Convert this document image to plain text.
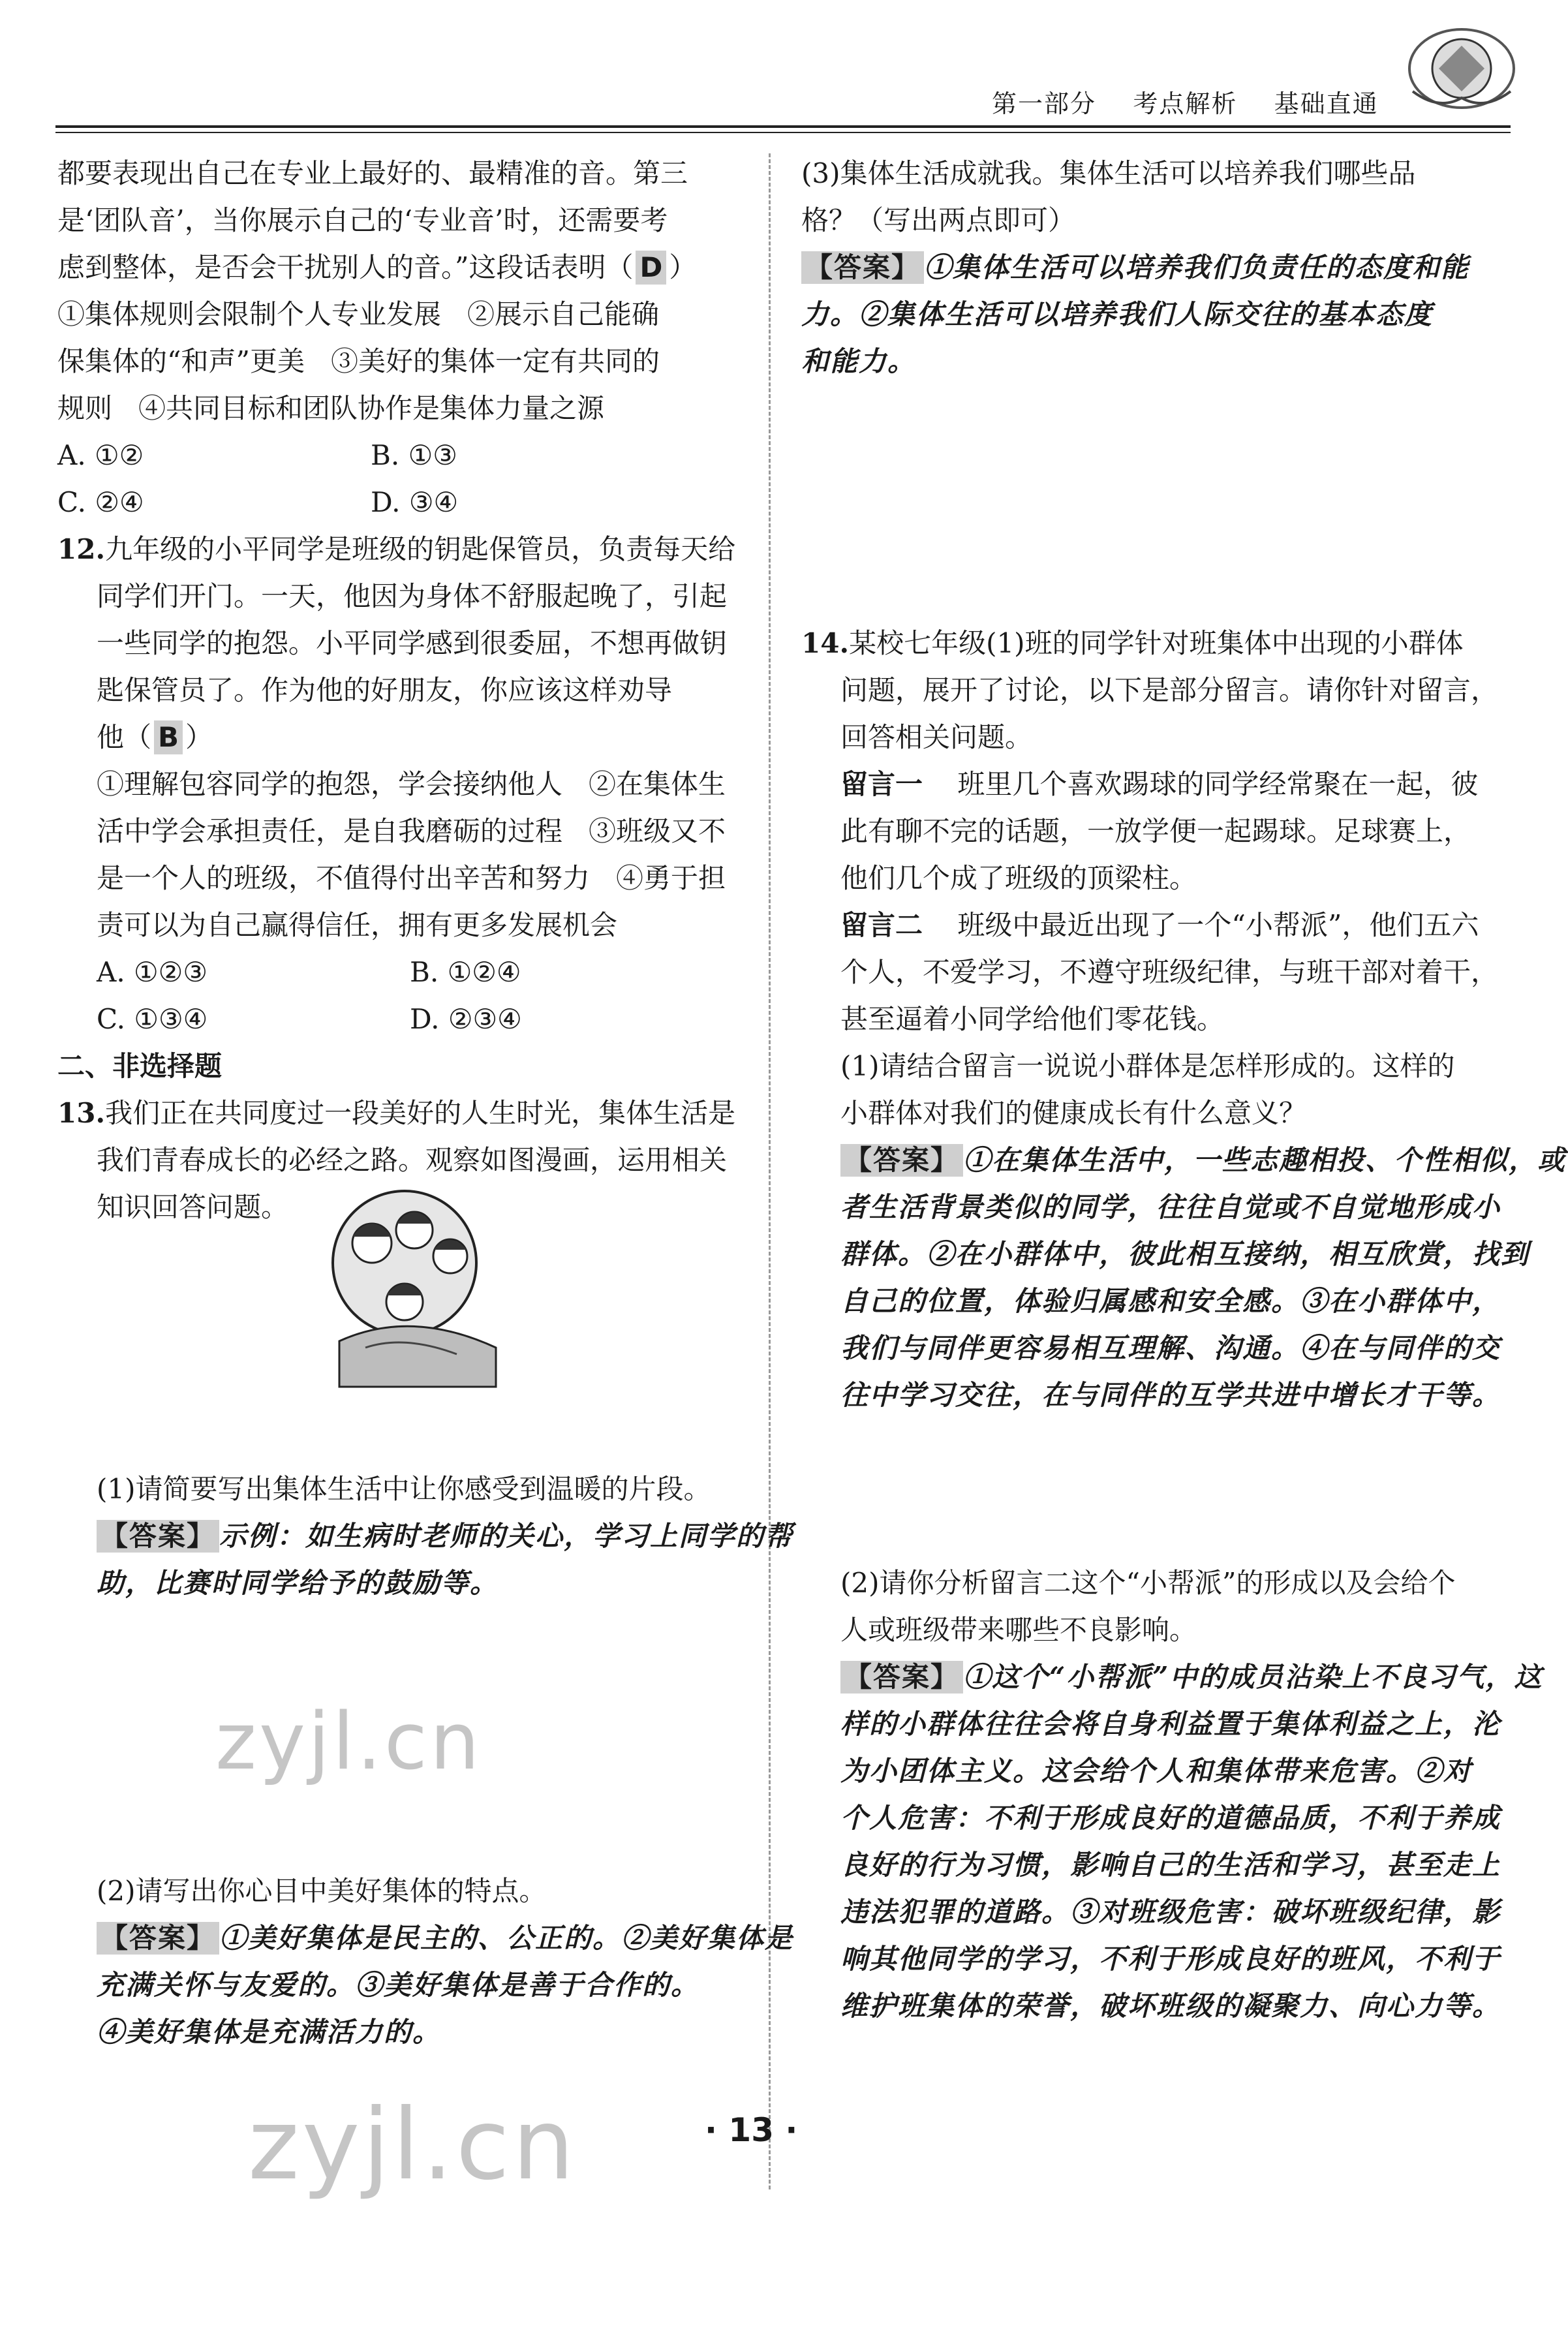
第一部分    考点解析    基础直通
都要表现出自己在专业上最好的、最精准的音。第三
是‘团队音’，当你展示自己的‘专业音’时，还需要考
虑到整体，是否会干扰别人的音。”这段话表明（ D ）
①集体规则会限制个人专业发展   ②展示自己能确
保集体的“和声”更美   ③美好的集体一定有共同的
规则   ④共同目标和团队协作是集体力量之源
A. ①②	B. ①③
C. ②④	D. ③④
12.九年级的小平同学是班级的钥匙保管员，负责每天给
同学们开门。一天，他因为身体不舒服起晚了，引起
一些同学的抱怨。小平同学感到很委屈，不想再做钥
匙保管员了。作为他的好朋友，你应该这样劝导
他（ B ）
①理解包容同学的抱怨，学会接纳他人   ②在集体生
活中学会承担责任，是自我磨砺的过程   ③班级又不
是一个人的班级，不值得付出辛苦和努力   ④勇于担
责可以为自己赢得信任，拥有更多发展机会
A. ①②③	B. ①②④
C. ①③④	D. ②③④
二、非选择题
13.我们正在共同度过一段美好的人生时光，集体生活是
我们青春成长的必经之路。观察如图漫画，运用相关
知识回答问题。
(1)请简要写出集体生活中让你感受到温暖的片段。
【答案】 示例：如生病时老师的关心，学习上同学的帮
助，比赛时同学给予的鼓励等。
(2)请写出你心目中美好集体的特点。
【答案】 ①美好集体是民主的、公正的。②美好集体是
充满关怀与友爱的。③美好集体是善于合作的。
④美好集体是充满活力的。
(3)集体生活成就我。集体生活可以培养我们哪些品
格？（写出两点即可）
【答案】 ①集体生活可以培养我们负责任的态度和能
力。②集体生活可以培养我们人际交往的基本态度
和能力。
14.某校七年级(1)班的同学针对班集体中出现的小群体
问题，展开了讨论，以下是部分留言。请你针对留言，
回答相关问题。
留言一 班里几个喜欢踢球的同学经常聚在一起，彼
此有聊不完的话题，一放学便一起踢球。足球赛上，
他们几个成了班级的顶梁柱。
留言二 班级中最近出现了一个“小帮派”，他们五六
个人，不爱学习，不遵守班级纪律，与班干部对着干，
甚至逼着小同学给他们零花钱。
(1)请结合留言一说说小群体是怎样形成的。这样的
小群体对我们的健康成长有什么意义？
【答案】 ①在集体生活中，一些志趣相投、个性相似，或
者生活背景类似的同学，往往自觉或不自觉地形成小
群体。②在小群体中，彼此相互接纳，相互欣赏，找到
自己的位置，体验归属感和安全感。③在小群体中，
我们与同伴更容易相互理解、沟通。④在与同伴的交
往中学习交往，在与同伴的互学共进中增长才干等。
(2)请你分析留言二这个“小帮派”的形成以及会给个
人或班级带来哪些不良影响。
【答案】 ①这个“小帮派”中的成员沾染上不良习气，这
样的小群体往往会将自身利益置于集体利益之上，沦
为小团体主义。这会给个人和集体带来危害。②对
个人危害：不利于形成良好的道德品质，不利于养成
良好的行为习惯，影响自己的生活和学习，甚至走上
违法犯罪的道路。③对班级危害：破坏班级纪律，影
响其他同学的学习，不利于形成良好的班风，不利于
维护班集体的荣誉，破坏班级的凝聚力、向心力等。
zyjl.cn
zyjl.cn	· 13 ·
